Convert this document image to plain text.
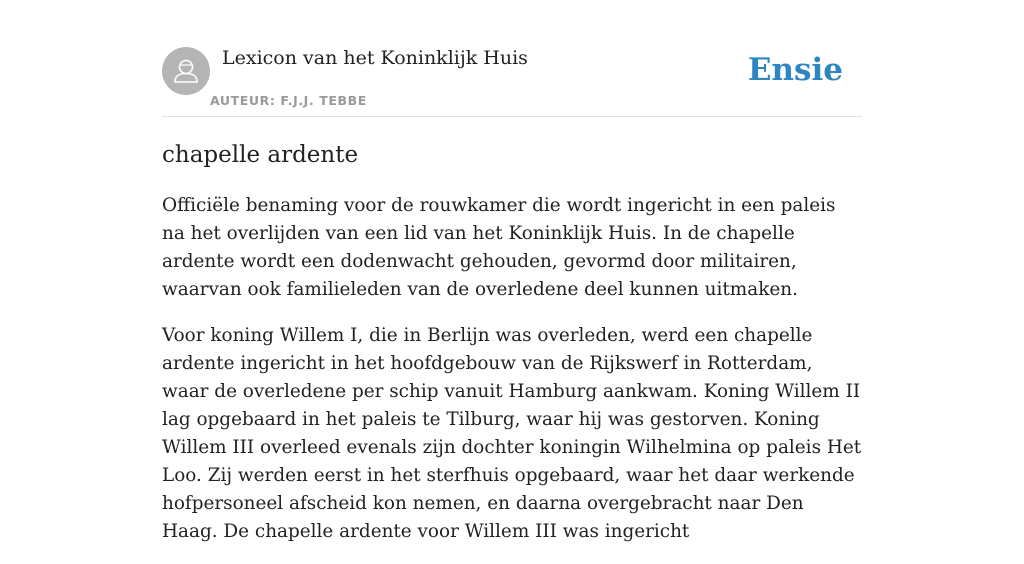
Lexicon van het Koninklijk Huis
AUTEUR: F.J.J. TEBBE
Ensie
chapelle ardente

Officiële benaming voor de rouwkamer die wordt ingericht in een paleis na het overlijden van een lid van het Koninklijk Huis. In de chapelle ardente wordt een dodenwacht gehouden, gevormd door militairen, waarvan ook familieleden van de overledene deel kunnen uitmaken.

Voor koning Willem I, die in Berlijn was overleden, werd een chapelle ardente ingericht in het hoofdgebouw van de Rijkswerf in Rotterdam, waar de overledene per schip vanuit Hamburg aankwam. Koning Willem II lag opgebaard in het paleis te Tilburg, waar hij was gestorven. Koning Willem III overleed evenals zijn dochter koningin Wilhelmina op paleis Het Loo. Zij werden eerst in het sterfhuis opgebaard, waar het daar werkende hofpersoneel afscheid kon nemen, en daarna overgebracht naar Den Haag. De chapelle ardente voor Willem III was ingericht
